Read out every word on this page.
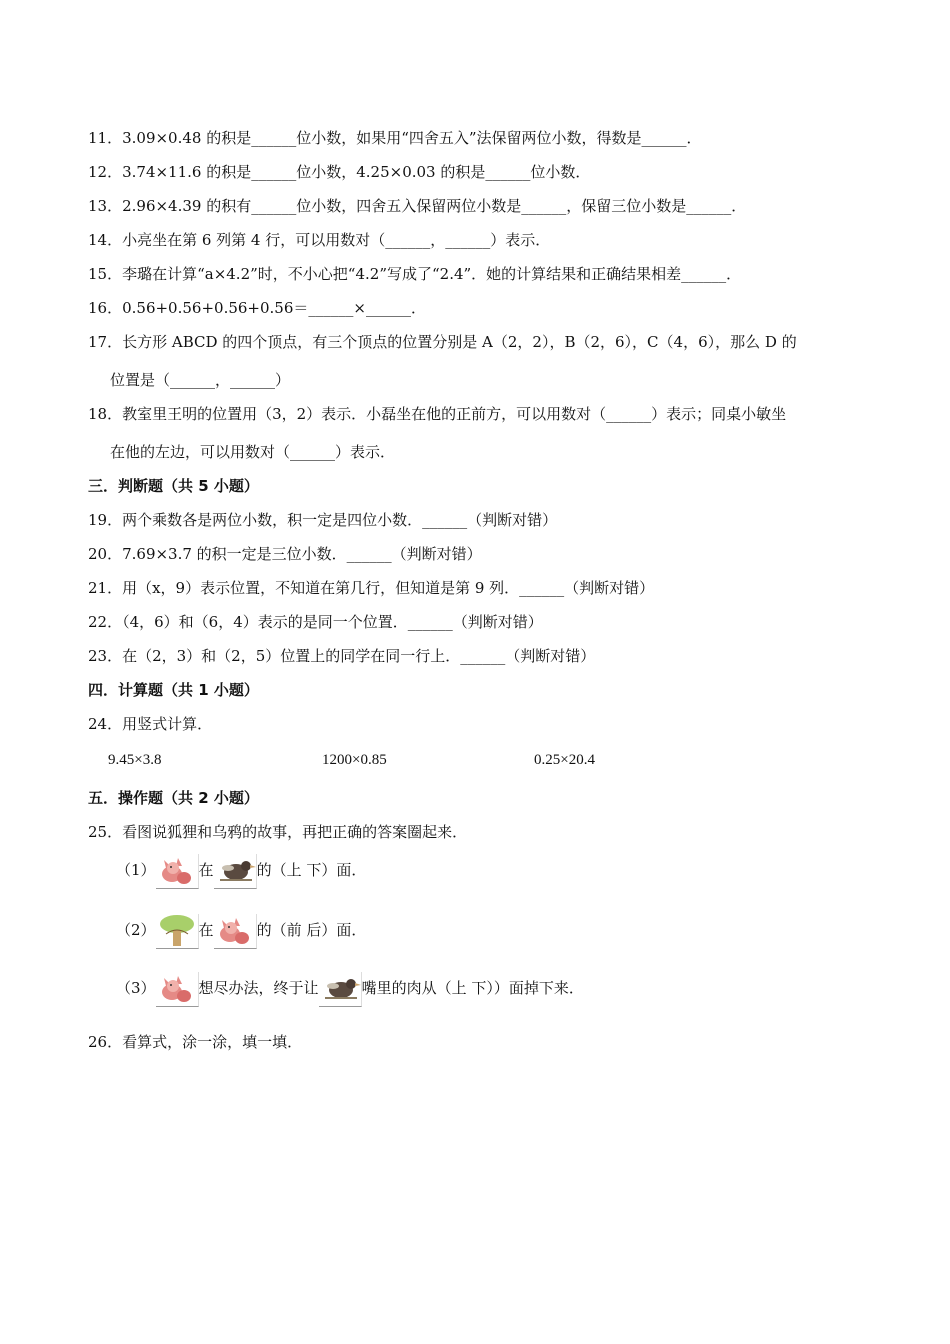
11．3.09×0.48 的积是______位小数，如果用“四舍五入”法保留两位小数，得数是______．
12．3.74×11.6 的积是______位小数，4.25×0.03 的积是______位小数．
13．2.96×4.39 的积有______位小数，四舍五入保留两位小数是______，保留三位小数是______．
14．小亮坐在第 6 列第 4 行，可以用数对（______，______）表示．
15．李璐在计算“a×4.2”时，不小心把“4.2”写成了“2.4”．她的计算结果和正确结果相差______．
16．0.56+0.56+0.56+0.56＝______×______．
17．长方形 ABCD 的四个顶点，有三个顶点的位置分别是 A（2，2），B（2，6），C（4，6），那么 D 的
位置是（______，______）
18．教室里王明的位置用（3，2）表示．小磊坐在他的正前方，可以用数对（______）表示；同桌小敏坐
在他的左边，可以用数对（______）表示．
三．判断题（共 5 小题）
19．两个乘数各是两位小数，积一定是四位小数．______（判断对错）
20．7.69×3.7 的积一定是三位小数．______（判断对错）
21．用（x，9）表示位置，不知道在第几行，但知道是第 9 列．______（判断对错）
22．（4，6）和（6，4）表示的是同一个位置．______（判断对错）
23．在（2，3）和（2，5）位置上的同学在同一行上．______（判断对错）
四．计算题（共 1 小题）
24．用竖式计算．
9.45×3.8	1200×0.85	0.25×20.4
五．操作题（共 2 小题）
25．看图说狐狸和乌鸦的故事，再把正确的答案圈起来．
（1）	在	的（上 下）面．
（2）	在	的（前 后）面．
（3）	想尽办法，终于让	嘴里的肉从（上 下））面掉下来．
26．看算式，涂一涂，填一填．
